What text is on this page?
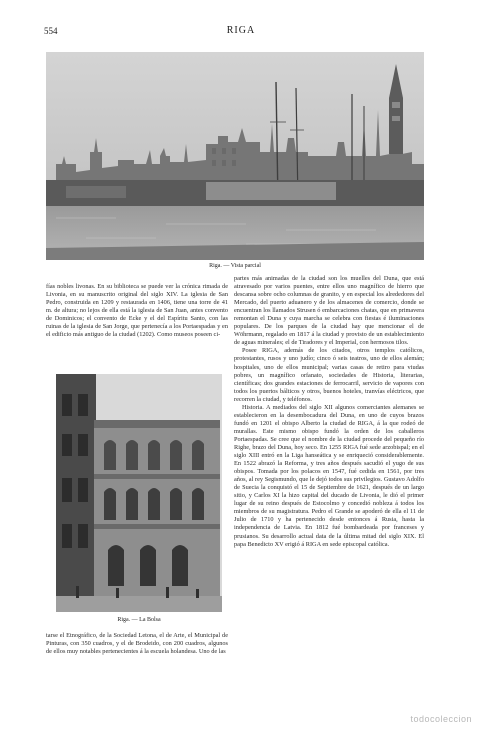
554	RIGA
Riga. — Vista parcial

fías nobles livonas. En su biblioteca se puede ver la crónica rimada de Livonia, en su manuscrito original del siglo XIV. La iglesia de San Pedro, construida en 1209 y restaurada en 1406, tiene una torre de 41 m. de altura; no lejos de ella está la iglesia de San Juan, antes convento de Dominicos; el convento de Ecke y el del Espíritu Santo, con las ruinas de la iglesia de San Jorge, que pertenecía a los Portaespadas y en el edificio más antiguo de la ciudad (1202). Como museos poseen ci-

Riga. — La Bolsa

tarse el Etnográfico, de la Sociedad Letona, el de Arte, el Municipal de Pinturas, con 350 cuadros, y el de Brodeido, con 200 cuadros, algunos de ellos muy notables pertenecientes á la escuela holandesa. Uno de las

partes más animadas de la ciudad son los muelles del Duna, que está atravesado por varios puentes, entre ellos uno magnífico de hierro que descansa sobre ocho columnas de granito, y en especial los alrededores del Mercado, del puerto aduanero y de los almacenes de comercio, donde se encuentran los llamados Strusen ó embarcaciones chatas, que en primavera remontan el Duna y cuya marcha se celebra con fiestas é iluminaciones populares. De los parques de la ciudad hay que mencionar el de Wöhrmann, regalado en 1817 á la ciudad y provisto de un establecimiento de aguas minerales; el de Tiradores y el Imperial, con hermosos tilos.

Posee RIGA, además de los citados, otros templos católicos, protestantes, rusos y uno judío; cinco ó seis teatros, uno de ellos alemán; hospitales, uno de ellos municipal; varias casas de retiro para viudas pobres, un magnífico orfanato, sociedades de Historia, literarias, científicas; dos grandes estaciones de ferrocarril, servicio de vapores con todos los puertos bálticos y otros, buenos hoteles, tranvías eléctricos, que recorren la ciudad, y teléfonos.

Historia. A mediados del siglo XII algunos comerciantes alemanes se establecieron en la desembocadura del Duna, en uno de cuyos brazos fundó en 1201 el obispo Alberto la ciudad de RIGA, á la que rodeó de murallas. Este mismo obispo fundó la orden de los caballeros Portaespadas. Se cree que el nombre de la ciudad procede del pequeño río Righe, brazo del Duna, hoy seco. En 1255 RIGA fué sede arzobispal; en el siglo XIII entró en la Liga hanseática y se enriqueció considerablemente. En 1522 abrazó la Reforma, y tres años después sacudió el yugo de sus obispos. Tomada por los polacos en 1547, fué cedida en 1561, por tres años, al rey Segismundo, que le dejó todos sus privilegios. Gustavo Adolfo de Suecia la conquistó el 15 de Septiembre de 1621, después de un largo sitio, y Carlos XI la hizo capital del ducado de Livonia, le dió el primer lugar de su reino después de Estocolmo y concedió nobleza á todos los miembros de su magistratura. Pedro el Grande se apoderó de ella el 11 de Julio de 1710 y ha pertenecido desde entonces á Rusia, hasta la independencia de Latvia. En 1812 fué bombardeada por franceses y prusianos. Su desarrollo actual data de la última mitad del siglo XIX. El papa Benedicto XV erigió á RIGA en sede episcopal católica.

todocoleccion
